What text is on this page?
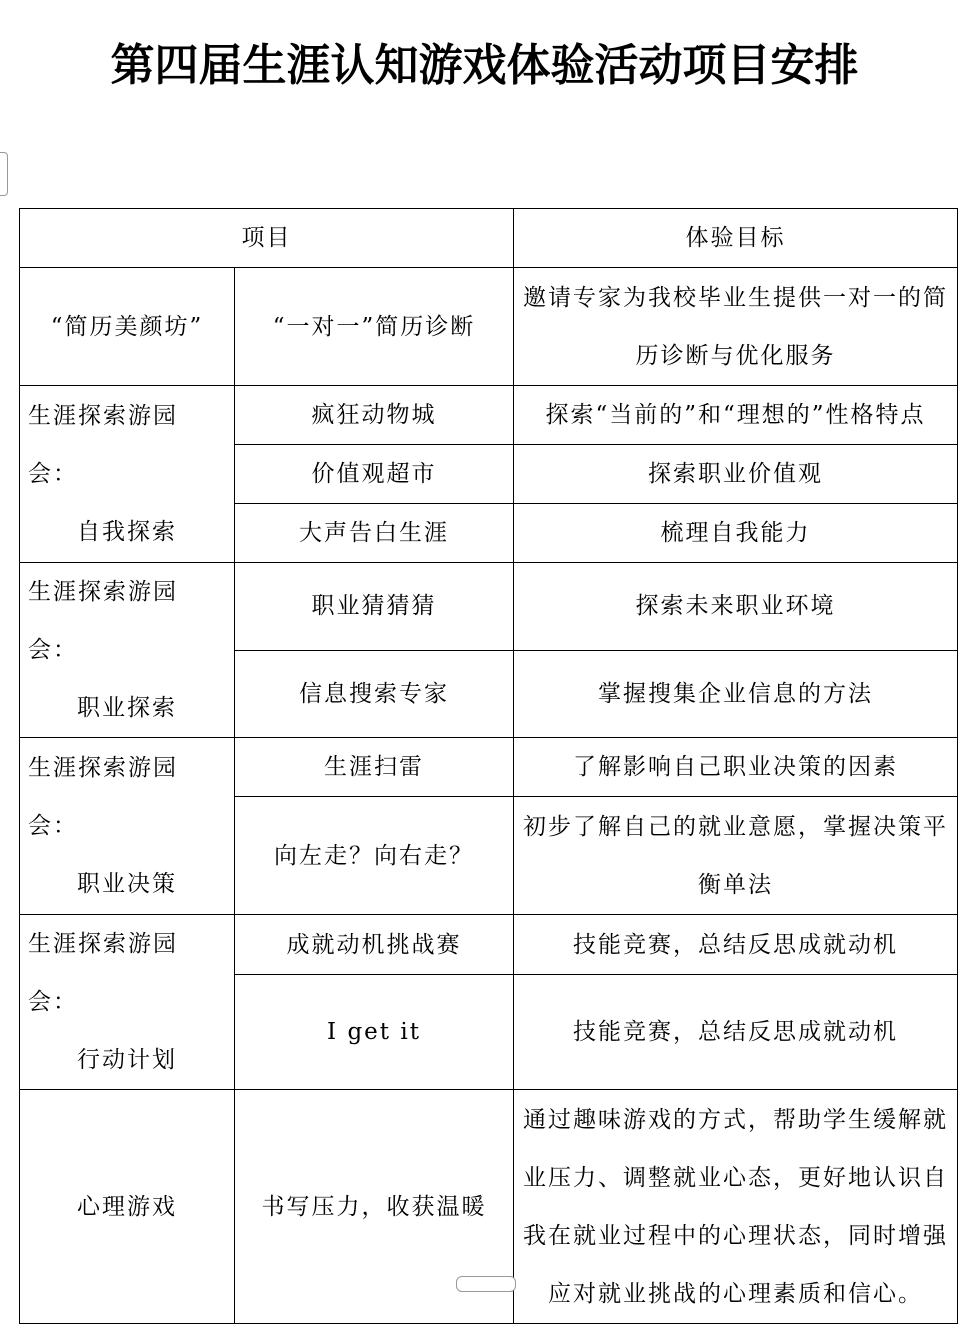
第四届生涯认知游戏体验活动项目安排
项目		体验目标
“简历美颜坊”	“一对一”简历诊断	邀请专家为我校毕业生提供一对一的简历诊断与优化服务

生涯探索游园会：
自我探索	疯狂动物城	探索“当前的”和“理想的”性格特点
	价值观超市	探索职业价值观
	大声告白生涯	梳理自我能力

生涯探索游园会：
职业探索	职业猜猜猜	探索未来职业环境
	信息搜索专家	掌握搜集企业信息的方法

生涯探索游园会：
职业决策	生涯扫雷	了解影响自己职业决策的因素
	向左走？向右走？	初步了解自己的就业意愿，掌握决策平衡单法

生涯探索游园会：
行动计划	成就动机挑战赛	技能竞赛，总结反思成就动机
	I get it	技能竞赛，总结反思成就动机
心理游戏	书写压力，收获温暖	通过趣味游戏的方式，帮助学生缓解就业压力、调整就业心态，更好地认识自我在就业过程中的心理状态，同时增强应对就业挑战的心理素质和信心。
